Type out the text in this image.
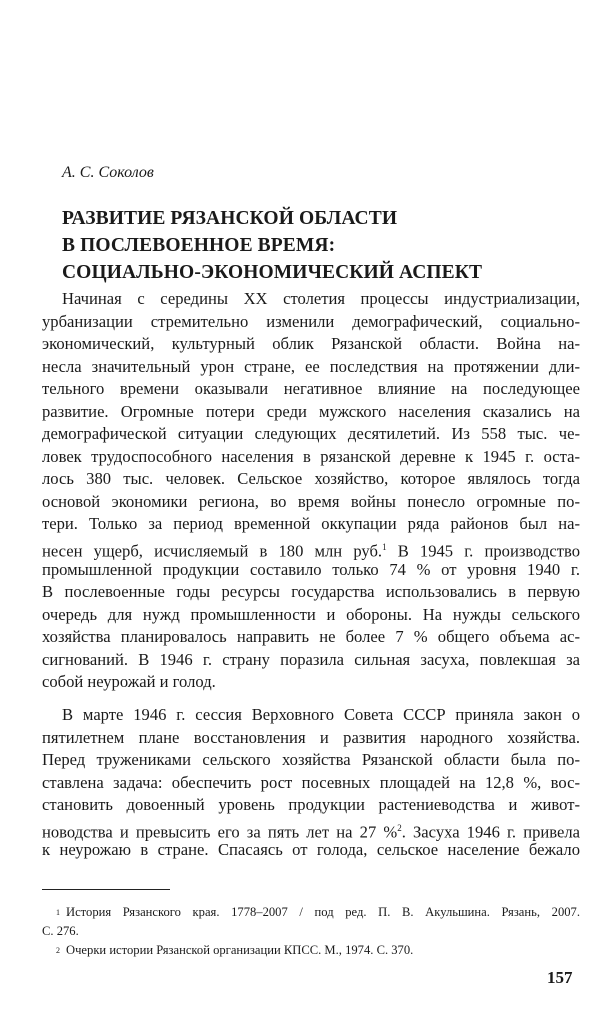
А. С. Соколов
РАЗВИТИЕ РЯЗАНСКОЙ ОБЛАСТИ
В ПОСЛЕВОЕННОЕ ВРЕМЯ:
СОЦИАЛЬНО-ЭКОНОМИЧЕСКИЙ АСПЕКТ
Начиная с середины XX столетия процессы индустриализации,
урбанизации стремительно изменили демографический, социально-
экономический, культурный облик Рязанской области. Война на-
несла значительный урон стране, ее последствия на протяжении дли-
тельного времени оказывали негативное влияние на последующее
развитие. Огромные потери среди мужского населения сказались на
демографической ситуации следующих десятилетий. Из 558 тыс. че-
ловек трудоспособного населения в рязанской деревне к 1945 г. оста-
лось 380 тыс. человек. Сельское хозяйство, которое являлось тогда
основой экономики региона, во время войны понесло огромные по-
тери. Только за период временной оккупации ряда районов был на-
несен ущерб, исчисляемый в 180 млн руб.$^1$ В 1945 г. производство
промышленной продукции составило только 74 % от уровня 1940 г.
В послевоенные годы ресурсы государства использовались в первую
очередь для нужд промышленности и обороны. На нужды сельского
хозяйства планировалось направить не более 7 % общего объема ас-
сигнований. В 1946 г. страну поразила сильная засуха, повлекшая за
собой неурожай и голод.
В марте 1946 г. сессия Верховного Совета СССР приняла закон о
пятилетнем плане восстановления и развития народного хозяйства.
Перед тружениками сельского хозяйства Рязанской области была по-
ставлена задача: обеспечить рост посевных площадей на 12,8 %, вос-
становить довоенный уровень продукции растениеводства и живот-
новодства и превысить его за пять лет на 27 %$^2$. Засуха 1946 г. привела
к неурожаю в стране. Спасаясь от голода, сельское население бежало
$^1$ История Рязанского края. 1778–2007 / под ред. П. В. Акульшина. Рязань, 2007.
С. 276.
$^2$ Очерки истории Рязанской организации КПСС. М., 1974. С. 370.
157
